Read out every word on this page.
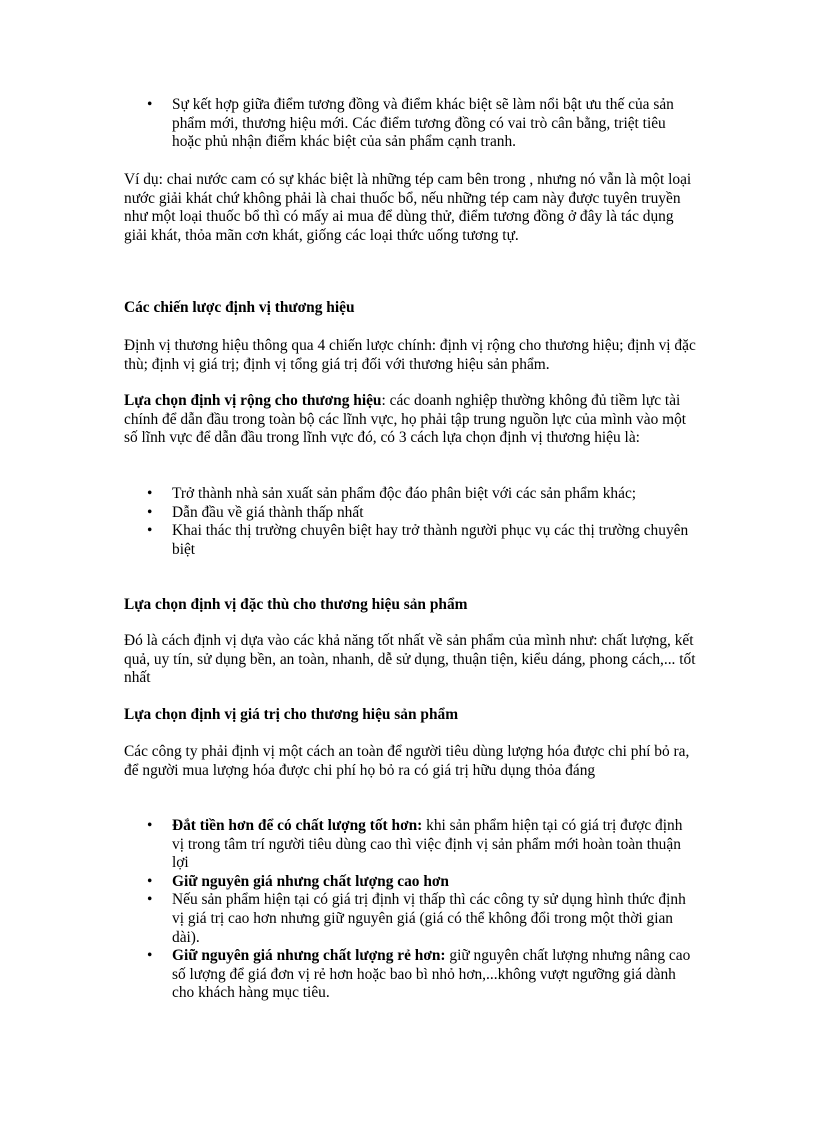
• Sự kết hợp giữa điểm tương đồng và điểm khác biệt sẽ làm nổi bật ưu thế của sản phẩm mới, thương hiệu mới. Các điểm tương đồng có vai trò cân bằng, triệt tiêu hoặc phủ nhận điểm khác biệt của sản phẩm cạnh tranh.

Ví dụ: chai nước cam có sự khác biệt là những tép cam bên trong , nhưng nó vẫn là một loại nước giải khát chứ không phải là chai thuốc bổ, nếu những tép cam này được tuyên truyền như một loại thuốc bổ thì có mấy ai mua để dùng thử, điểm tương đồng ở đây là tác dụng giải khát, thỏa mãn cơn khát, giống các loại thức uống tương tự.

Các chiến lược định vị thương hiệu

Định vị thương hiệu thông qua 4 chiến lược chính: định vị rộng cho thương hiệu; định vị đặc thù; định vị giá trị; định vị tổng giá trị đối với thương hiệu sản phẩm.

Lựa chọn định vị rộng cho thương hiệu: các doanh nghiệp thường không đủ tiềm lực tài chính để dẫn đầu trong toàn bộ các lĩnh vực, họ phải tập trung nguồn lực của mình vào một số lĩnh vực để dẫn đầu trong lĩnh vực đó, có 3 cách lựa chọn định vị thương hiệu là:

• Trở thành nhà sản xuất sản phẩm độc đáo phân biệt với các sản phẩm khác;
• Dẫn đầu về giá thành thấp nhất
• Khai thác thị trường chuyên biệt hay trở thành người phục vụ các thị trường chuyên biệt

Lựa chọn định vị đặc thù cho thương hiệu sản phẩm

Đó là cách định vị dựa vào các khả năng tốt nhất về sản phẩm của mình như: chất lượng, kết quả, uy tín, sử dụng bền, an toàn, nhanh, dễ sử dụng, thuận tiện, kiểu dáng, phong cách,... tốt nhất

Lựa chọn định vị giá trị cho thương hiệu sản phẩm

Các công ty phải định vị một cách an toàn để người tiêu dùng lượng hóa được chi phí bỏ ra, để người mua lượng hóa được chi phí họ bỏ ra có giá trị hữu dụng thỏa đáng

• Đắt tiền hơn để có chất lượng tốt hơn: khi sản phẩm hiện tại có giá trị được định vị trong tâm trí người tiêu dùng cao thì việc định vị sản phẩm mới hoàn toàn thuận lợi
• Giữ nguyên giá nhưng chất lượng cao hơn
• Nếu sản phẩm hiện tại có giá trị định vị thấp thì các công ty sử dụng hình thức định vị giá trị cao hơn nhưng giữ nguyên giá (giá có thể không đổi trong một thời gian dài).
• Giữ nguyên giá nhưng chất lượng rẻ hơn: giữ nguyên chất lượng nhưng nâng cao số lượng để giá đơn vị rẻ hơn hoặc bao bì nhỏ hơn,...không vượt ngưỡng giá dành cho khách hàng mục tiêu.
